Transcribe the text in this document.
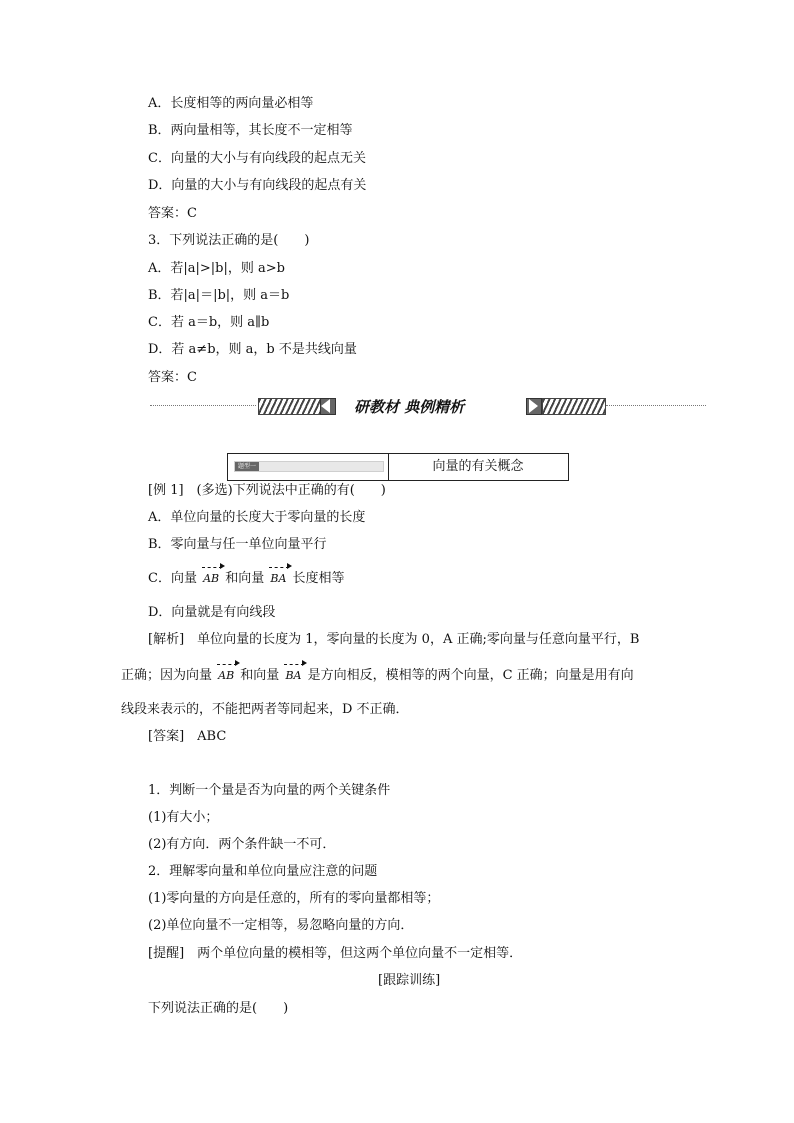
A．长度相等的两向量必相等
B．两向量相等，其长度不一定相等
C．向量的大小与有向线段的起点无关
D．向量的大小与有向线段的起点有关
答案：C
3．下列说法正确的是(　　)
A．若|a|>|b|，则 a>b
B．若|a|＝|b|，则 a＝b
C．若 a＝b，则 a∥b
D．若 a≠b，则 a，b 不是共线向量
答案：C
研教材 典例精析
题型一	向量的有关概念
[例 1]　(多选)下列说法中正确的有(　　)
A．单位向量的长度大于零向量的长度
B．零向量与任一单位向量平行
C．向量 AB 和向量 BA 长度相等
D．向量就是有向线段
[解析]　单位向量的长度为 1，零向量的长度为 0，A 正确;零向量与任意向量平行，B
正确；因为向量 AB 和向量 BA 是方向相反，模相等的两个向量，C 正确；向量是用有向
线段来表示的，不能把两者等同起来，D 不正确．
[答案]　ABC
1．判断一个量是否为向量的两个关键条件
(1)有大小；
(2)有方向．两个条件缺一不可．
2．理解零向量和单位向量应注意的问题
(1)零向量的方向是任意的，所有的零向量都相等；
(2)单位向量不一定相等，易忽略向量的方向．
[提醒]　两个单位向量的模相等，但这两个单位向量不一定相等．
[跟踪训练]
下列说法正确的是(　　)
